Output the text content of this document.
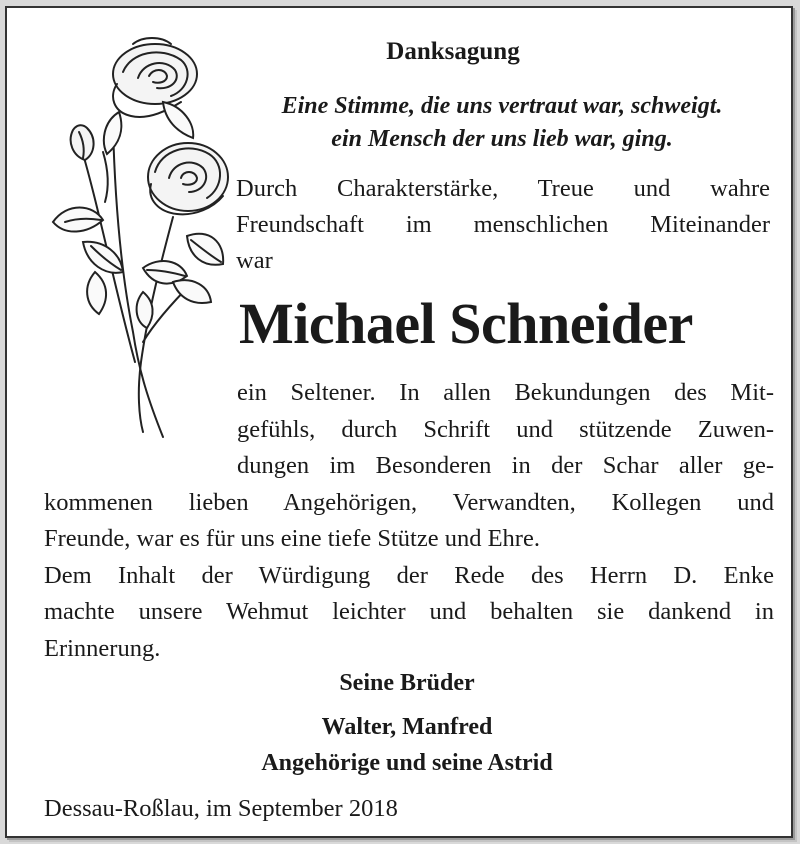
Danksagung
Eine Stimme, die uns vertraut war, schweigt.
ein Mensch der uns lieb war, ging.
Durch Charakterstärke, Treue und wahre
Freundschaft im menschlichen Miteinander
war
Michael Schneider
ein Seltener. In allen Bekundungen des Mit-
gefühls, durch Schrift und stützende Zuwen-
dungen im Besonderen in der Schar aller ge-
kommenen lieben Angehörigen, Verwandten, Kollegen und
Freunde, war es für uns eine tiefe Stütze und Ehre.
Dem Inhalt der Würdigung der Rede des Herrn D. Enke
machte unsere Wehmut leichter und behalten sie dankend in
Erinnerung.
Seine Brüder
Walter, Manfred
Angehörige und seine Astrid
Dessau-Roßlau, im September 2018
